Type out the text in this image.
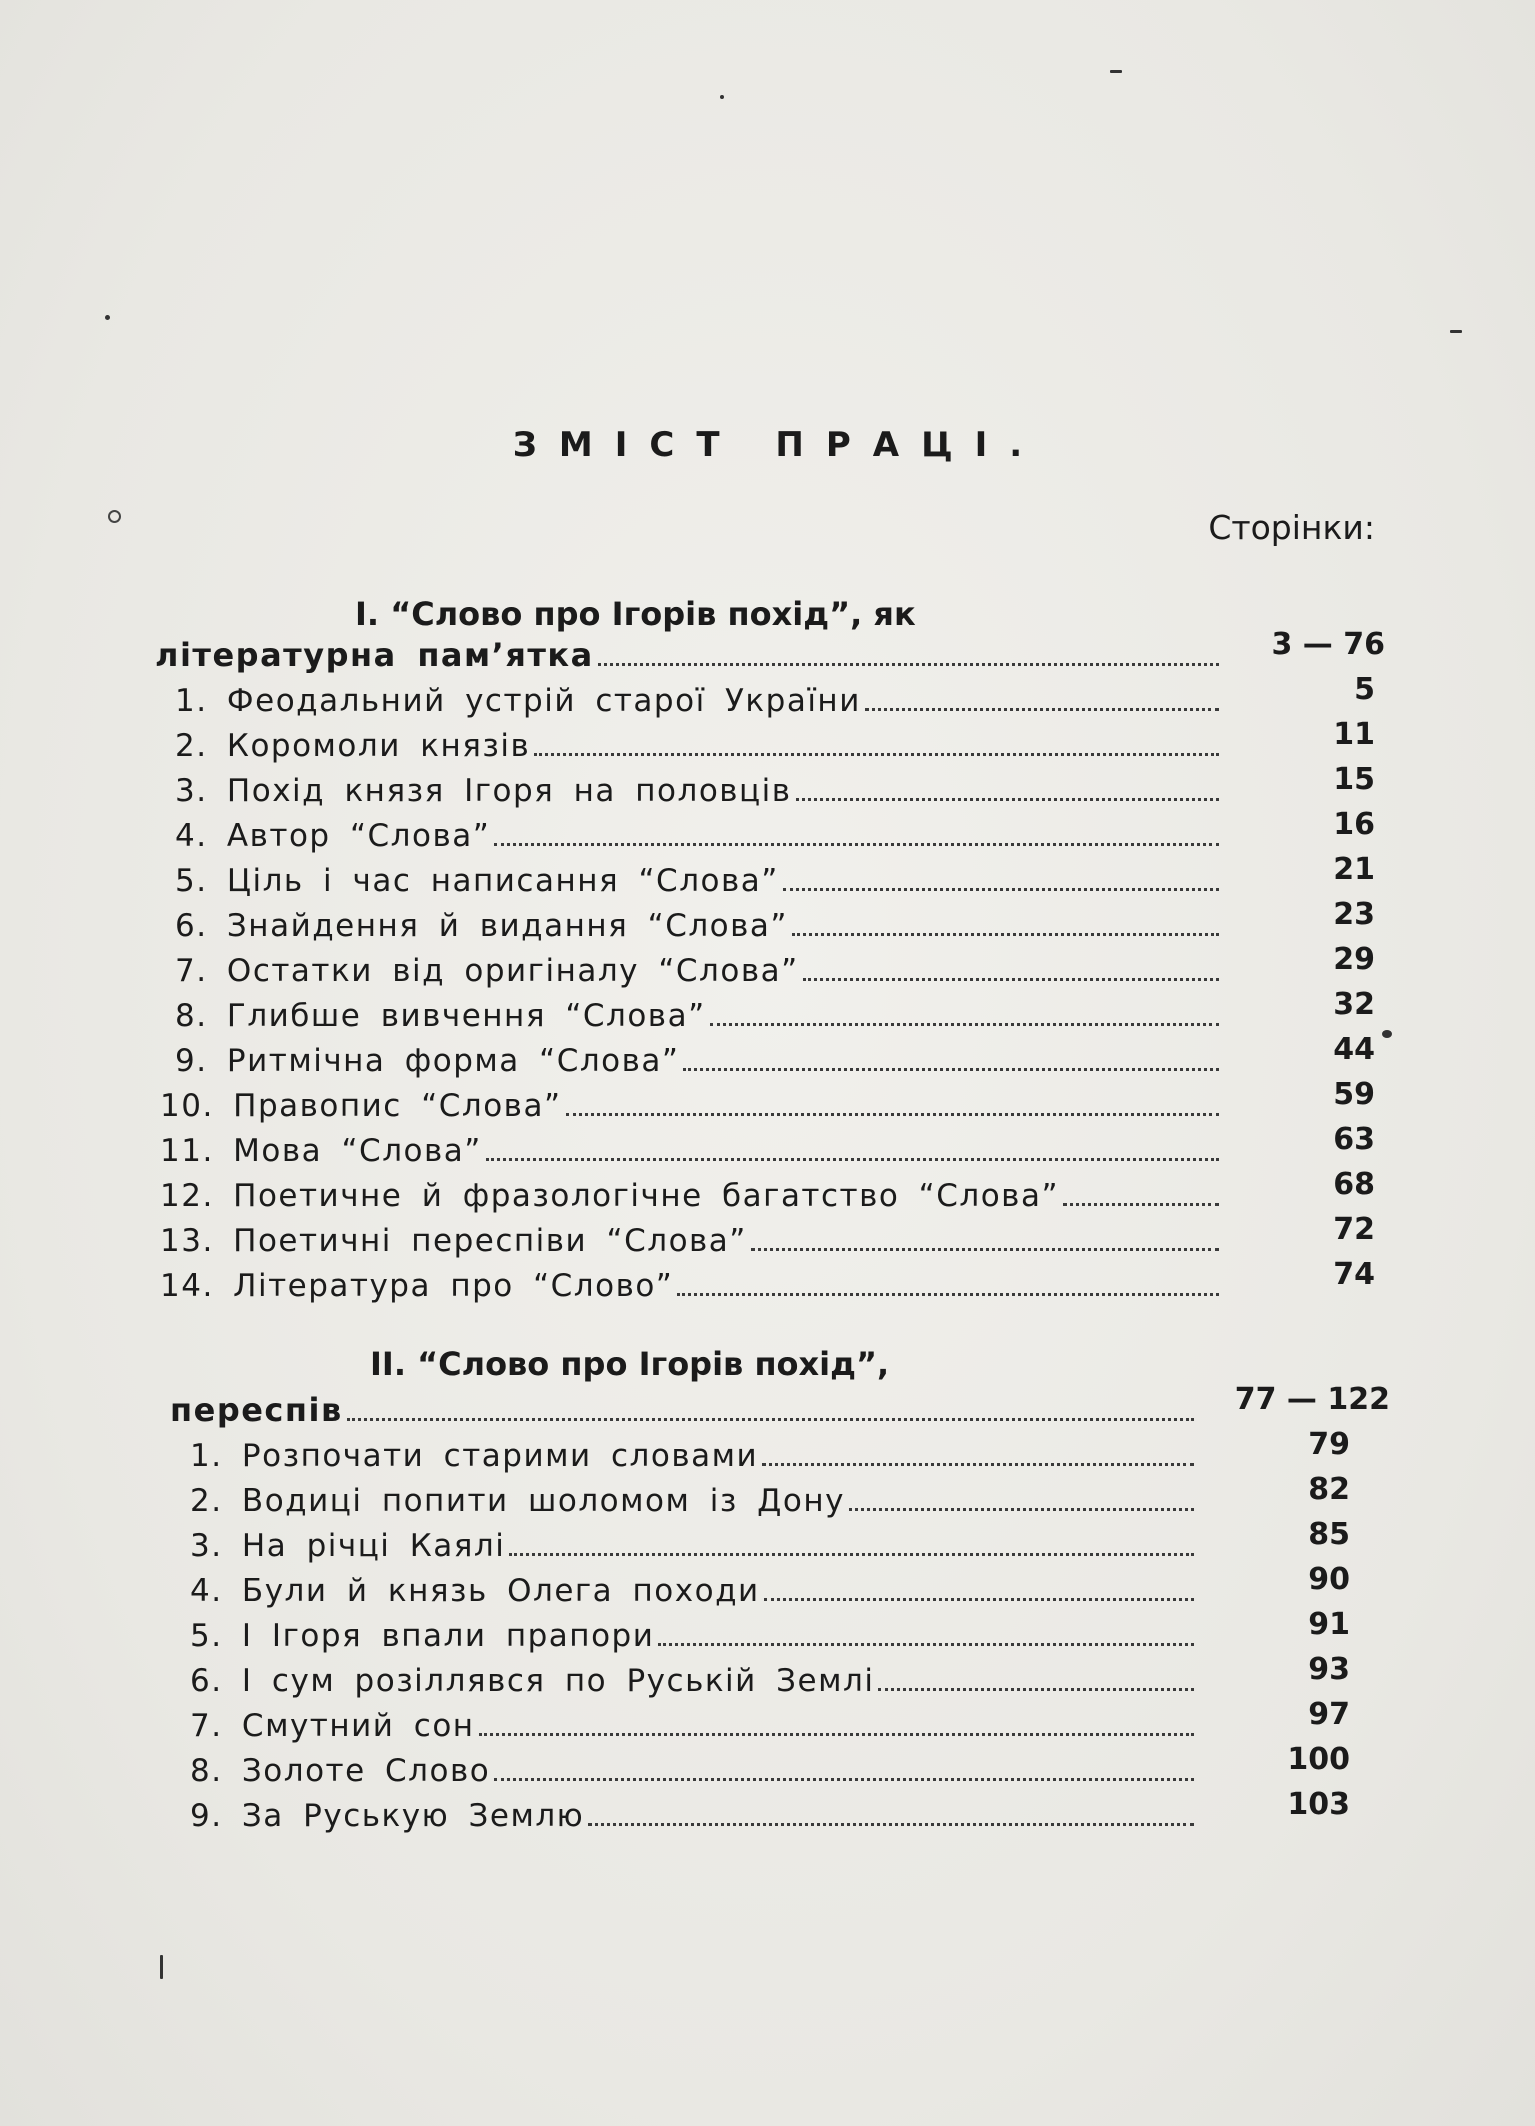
ЗМІСТ ПРАЦІ.
Сторінки:
І. “Слово про Ігорів похід”, як
літературна пам’ятка	3 — 76
1. Феодальний устрій старої України	5
2. Коромоли князів	11
3. Похід князя Ігоря на половців	15
4. Автор “Слова”	16
5. Ціль і час написання “Слова”	21
6. Знайдення й видання “Слова”	23
7. Остатки від оригіналу “Слова”	29
8. Глибше вивчення “Слова”	32
9. Ритмічна форма “Слова”	44
10. Правопис “Слова”	59
11. Мова “Слова”	63
12. Поетичне й фразологічне багатство “Слова”	68
13. Поетичні переспіви “Слова”	72
14. Література про “Слово”	74
ІІ. “Слово про Ігорів похід”,
переспів	77 — 122
1. Розпочати старими словами	79
2. Водиці попити шоломом із Дону	82
3. На річці Каялі	85
4. Були й князь Олега походи	90
5. І Ігоря впали прапори	91
6. І сум розіллявся по Руській Землі	93
7. Смутний сон	97
8. Золоте Слово	100
9. За Руськую Землю	103
